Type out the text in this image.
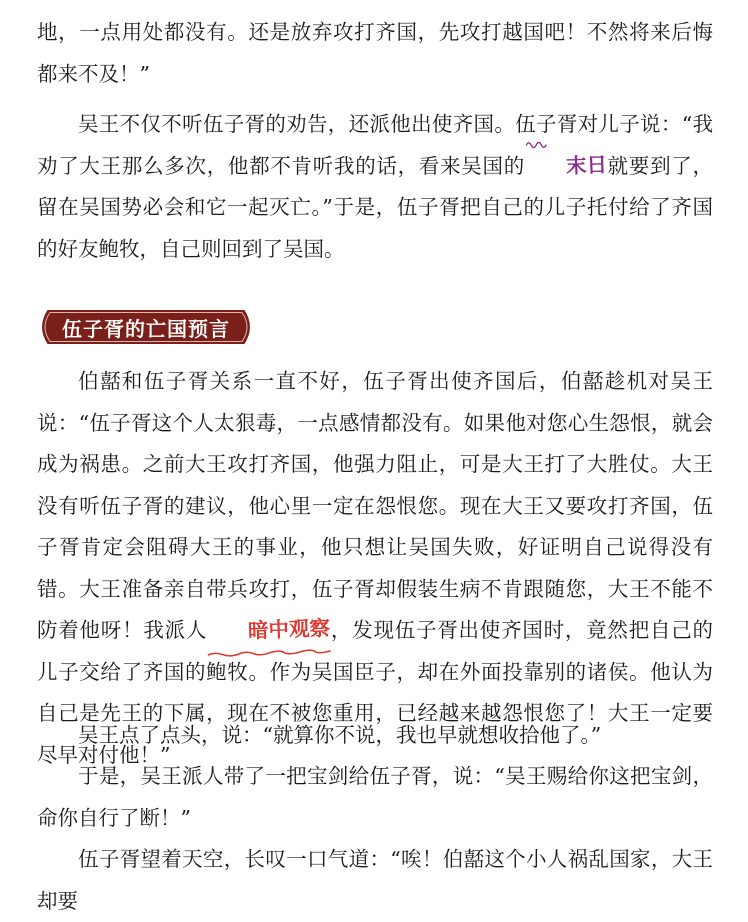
地，一点用处都没有。还是放弃攻打齐国，先攻打越国吧！不然将来后悔都来不及！”

吴王不仅不听伍子胥的劝告，还派他出使齐国。伍子胥对儿子说：“我劝了大王那么多次，他都不肯听我的话，看来吴国的 末日就要到了，留在吴国势必会和它一起灭亡。”于是，伍子胥把自己的儿子托付给了齐国的好友鲍牧，自己则回到了吴国。

伍子胥的亡国预言

伯嚭和伍子胥关系一直不好，伍子胥出使齐国后，伯嚭趁机对吴王说：“伍子胥这个人太狠毒，一点感情都没有。如果他对您心生怨恨，就会成为祸患。之前大王攻打齐国，他强力阻止，可是大王打了大胜仗。大王没有听伍子胥的建议，他心里一定在怨恨您。现在大王又要攻打齐国，伍子胥肯定会阻碍大王的事业，他只想让吴国失败，好证明自己说得没有错。大王准备亲自带兵攻打，伍子胥却假装生病不肯跟随您，大王不能不防着他呀！我派人 暗中观察
，发现伍子胥出使齐国时，竟然把自己的儿子交给了齐国的鲍牧。作为吴国臣子，却在外面投靠别的诸侯。他认为自己是先王的下属，现在不被您重用，已经越来越怨恨您了！大王一定要尽早对付他！”

吴王点了点头，说：“就算你不说，我也早就想收拾他了。”

于是，吴王派人带了一把宝剑给伍子胥，说：“吴王赐给你这把宝剑，命你自行了断！”

伍子胥望着天空，长叹一口气道：“唉！伯嚭这个小人祸乱国家，大王却要
